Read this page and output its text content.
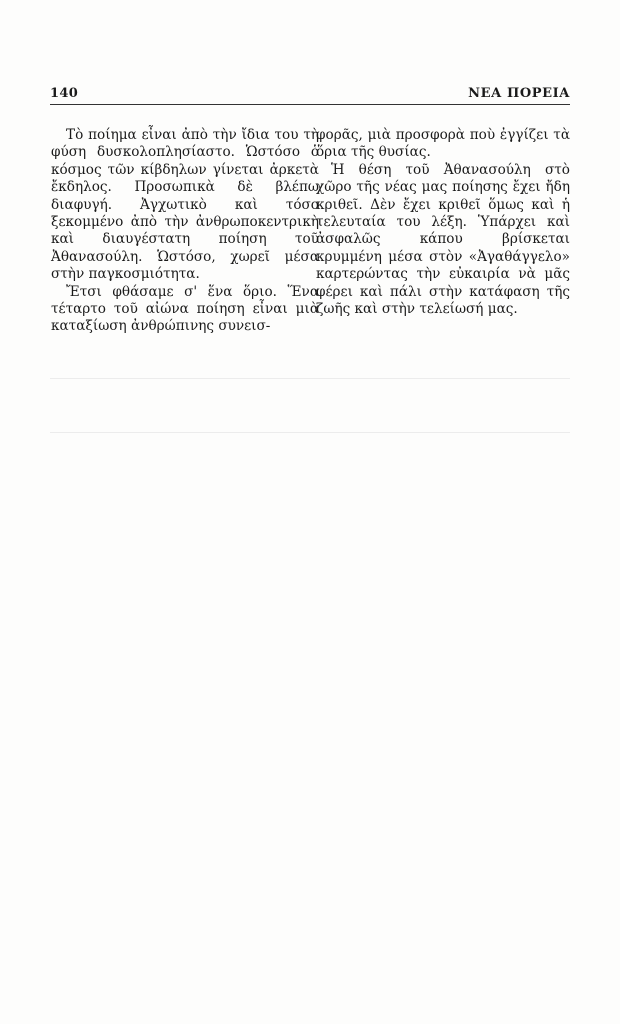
140	ΝΕΑ ΠΟΡΕΙΑ

Τὸ ποίημα εἶναι ἀπὸ τὴν ἴδια του τὴ φύση δυσκολοπλησίαστο. Ὡστόσο ὁ κόσμος τῶν κίβδηλων γίνεται ἀρκετὰ ἔκδηλος. Προσωπικὰ δὲ βλέπω διαφυγή. Ἀγχωτικὸ καὶ τόσο ξεκομμένο ἀπὸ τὴν ἀνθρωποκεντρικὴ καὶ διαυγέστατη ποίηση τοῦ Ἀθανασούλη. Ὡστόσο, χωρεῖ μέσα στὴν παγκοσμιότητα.

Ἔτσι φθάσαμε σ' ἕνα ὅριο. Ἕνα τέταρτο τοῦ αἰώνα ποίηση εἶναι μιὰ καταξίωση ἀνθρώπινης συνεισ-

φορᾶς, μιὰ προσφορὰ ποὺ ἐγγίζει τὰ ὅρια τῆς θυσίας.

Ἡ θέση τοῦ Ἀθανασούλη στὸ χῶρο τῆς νέας μας ποίησης ἔχει ἤδη κριθεῖ. Δὲν ἔχει κριθεῖ ὅμως καὶ ἡ τελευταία του λέξη. Ὑπάρχει καὶ ἀσφαλῶς κάπου βρίσκεται κρυμμένη μέσα στὸν «Ἀγαθάγγελο» καρτερώντας τὴν εὐκαιρία νὰ μᾶς φέρει καὶ πάλι στὴν κατάφαση τῆς ζωῆς καὶ στὴν τελείωσή μας.
